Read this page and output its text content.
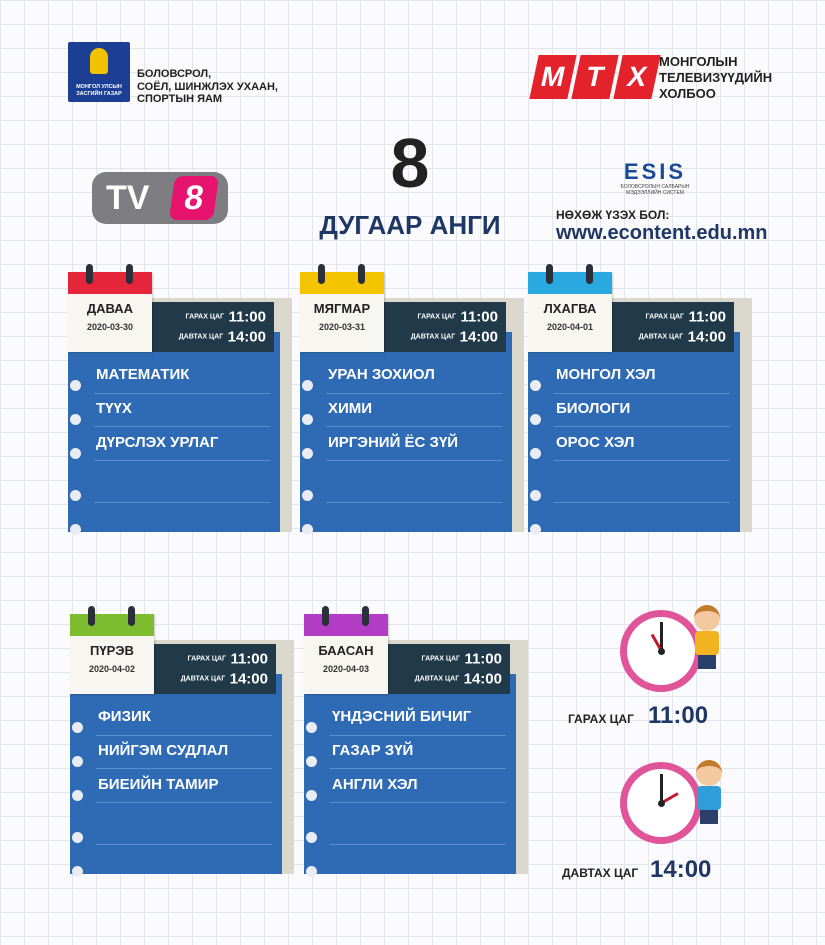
МОНГОЛ УЛСЫН
ЗАСГИЙН ГАЗАР
БОЛОВСРОЛ,
СОЁЛ, ШИНЖЛЭХ УХААН,
СПОРТЫН ЯАМ
М Т Х МОНГОЛЫН
ТЕЛЕВИЗҮҮДИЙН
ХОЛБОО
8
ДУГААР АНГИ
TV 8
ESIS
БОЛОВСРОЛЫН САЛБАРЫН
МЭДЭЭЛЛИЙН СИСТЕМ
НӨХӨЖ ҮЗЭХ БОЛ:
www.econtent.edu.mn
МАТЕМАТИК
ТҮҮХ
ДҮРСЛЭХ УРЛАГ
ГАРАХ ЦАГ 11:00
ДАВТАХ ЦАГ 14:00
ДАВАА
2020-03-30
УРАН ЗОХИОЛ
ХИМИ
ИРГЭНИЙ ЁС ЗҮЙ
ГАРАХ ЦАГ 11:00
ДАВТАХ ЦАГ 14:00
МЯГМАР
2020-03-31
МОНГОЛ ХЭЛ
БИОЛОГИ
ОРОС ХЭЛ
ГАРАХ ЦАГ 11:00
ДАВТАХ ЦАГ 14:00
ЛХАГВА
2020-04-01
ФИЗИК
НИЙГЭМ СУДЛАЛ
БИЕИЙН ТАМИР
ГАРАХ ЦАГ 11:00
ДАВТАХ ЦАГ 14:00
ПҮРЭВ
2020-04-02
ҮНДЭСНИЙ БИЧИГ
ГАЗАР ЗҮЙ
АНГЛИ ХЭЛ
ГАРАХ ЦАГ 11:00
ДАВТАХ ЦАГ 14:00
БААСАН
2020-04-03
ГАРАХ ЦАГ 11:00
ДАВТАХ ЦАГ 14:00
